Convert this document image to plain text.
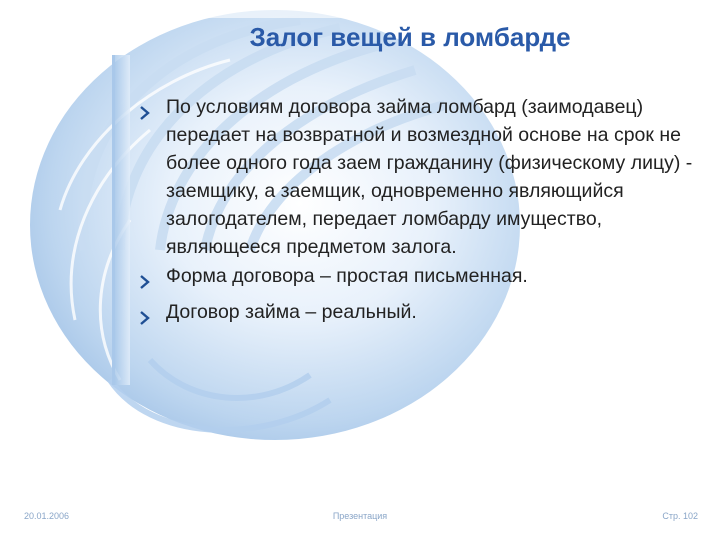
Залог вещей в ломбарде
По условиям договора займа ломбард (заимодавец) передает на возвратной и возмездной основе на срок не более одного года заем гражданину (физическому лицу) - заемщику, а заемщик, одновременно являющийся залогодателем, передает ломбарду имущество, являющееся предметом залога.
Форма договора – простая письменная.
Договор займа – реальный.
20.01.2006	Презентация	Стр. 102
